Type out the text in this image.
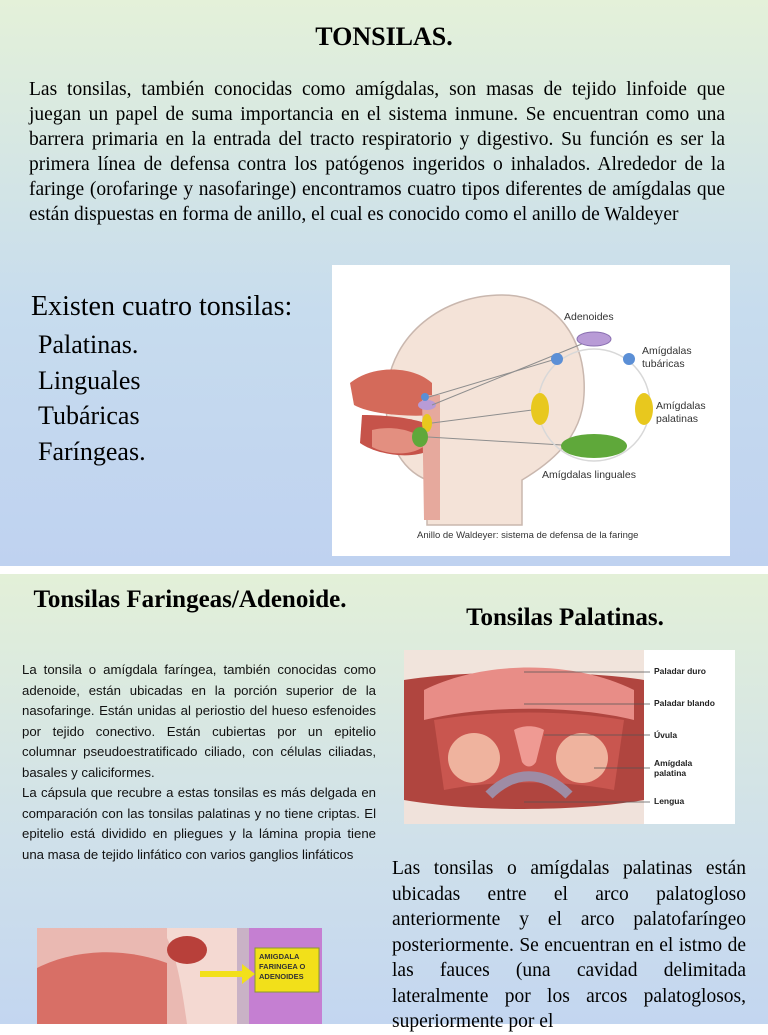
TONSILAS.

Las tonsilas, también conocidas como amígdalas, son masas de tejido linfoide que juegan un papel de suma importancia en el sistema inmune. Se encuentran como una barrera primaria en la entrada del tracto respiratorio y digestivo. Su función es ser la primera línea de defensa contra los patógenos ingeridos o inhalados. Alrededor de la faringe (orofaringe y nasofaringe) encontramos cuatro tipos diferentes de amígdalas que están dispuestas en forma de anillo, el cual es conocido como el anillo de Waldeyer

Existen cuatro tonsilas:
Palatinas.
Linguales
Tubáricas
Faríngeas.
Adenoides
Amígdalas tubáricas
Amígdalas palatinas
Amígdalas linguales
Anillo de Waldeyer: sistema de defensa de la faringe
Tonsilas Faringeas/Adenoide.
Tonsilas Palatinas.

La tonsila o amígdala faríngea, también conocidas como adenoide, están ubicadas en la porción superior de la nasofaringe. Están unidas al periostio del hueso esfenoides por tejido conectivo. Están cubiertas por un epitelio columnar pseudoestratificado ciliado, con células ciliadas, basales y caliciformes.
La cápsula que recubre a estas tonsilas es más delgada en comparación con las tonsilas palatinas y no tiene criptas. El epitelio está dividido en pliegues y la lámina propia tiene una masa de tejido linfático con varios ganglios linfáticos

Paladar duro
Paladar blando
Úvula
Amígdala palatina
Lengua

Las tonsilas o amígdalas palatinas están ubicadas entre el arco palatogloso anteriormente y el arco palatofaríngeo posteriormente. Se encuentran en el istmo de las fauces (una cavidad delimitada lateralmente por los arcos palatoglosos, superiormente por el

AMIGDALA FARINGEA O ADENOIDES
